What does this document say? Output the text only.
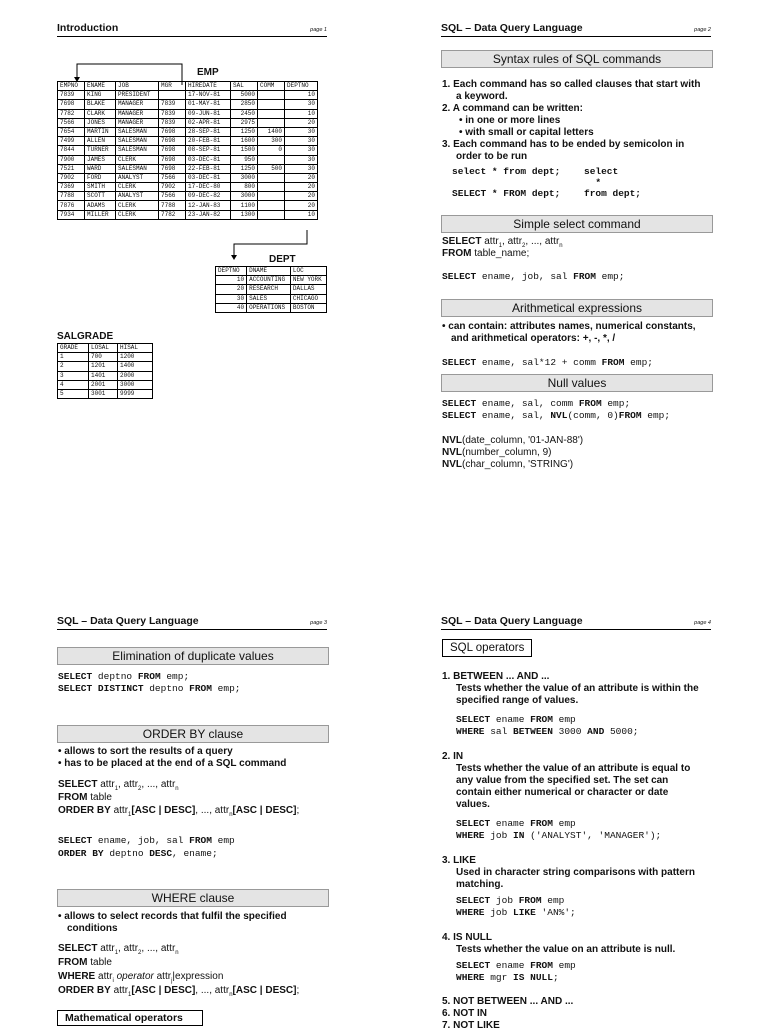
Introduction	page 1
EMP
EMPNO	ENAME	JOB	MGR	HIREDATE	SAL	COMM	DEPTNO
7839	KING	PRESIDENT		17-NOV-81	5000		10
7698	BLAKE	MANAGER	7839	01-MAY-81	2850		30
7782	CLARK	MANAGER	7839	09-JUN-81	2450		10
7566	JONES	MANAGER	7839	02-APR-81	2975		20
7654	MARTIN	SALESMAN	7698	28-SEP-81	1250	1400	30
7499	ALLEN	SALESMAN	7698	20-FEB-81	1600	300	30
7844	TURNER	SALESMAN	7698	08-SEP-81	1500	0	30
7900	JAMES	CLERK	7698	03-DEC-81	950		30
7521	WARD	SALESMAN	7698	22-FEB-81	1250	500	30
7902	FORD	ANALYST	7566	03-DEC-81	3000		20
7369	SMITH	CLERK	7902	17-DEC-80	800		20
7788	SCOTT	ANALYST	7566	09-DEC-82	3000		20
7876	ADAMS	CLERK	7788	12-JAN-83	1100		20
7934	MILLER	CLERK	7782	23-JAN-82	1300		10
DEPT
DEPTNO	DNAME	LOC
10	ACCOUNTING	NEW YORK
20	RESEARCH	DALLAS
30	SALES	CHICAGO
40	OPERATIONS	BOSTON
SALGRADE
GRADE	LOSAL	HISAL
1	700	1200
2	1201	1400
3	1401	2000
4	2001	3000
5	3001	9999
SQL – Data Query Language	page 2
Syntax rules of SQL commands
1. Each command has so called clauses that start with
a keyword.
2. A command can be written:
• in one or more lines
• with small or capital letters
3. Each command has to be ended by semicolon in
order to be run
select * from dept;
SELECT * FROM dept;
select
*
from dept;
Simple select command
SELECT attr$_1$, attr$_2$, ..., attr$_n$
FROM table_name;
SELECT ename, job, sal FROM emp;
Arithmetical expressions
• can contain: attributes names, numerical constants,
and arithmetical operators: +, -, *, /
SELECT ename, sal*12 + comm FROM emp;
Null values
SELECT ename, sal, comm FROM emp;
SELECT ename, sal, NVL(comm, 0)FROM emp;
NVL(date_column, '01-JAN-88')
NVL(number_column, 9)
NVL(char_column, 'STRING')
SQL – Data Query Language	page 3
Elimination of duplicate values
SELECT deptno FROM emp;
SELECT DISTINCT deptno FROM emp;
ORDER BY clause
• allows to sort the results of a query
• has to be placed at the end of a SQL command
SELECT attr$_1$, attr$_2$, ..., attr$_n$
FROM table
ORDER BY attr$_1$[ASC | DESC], ..., attr$_n$[ASC | DESC];
SELECT ename, job, sal FROM emp
ORDER BY deptno DESC, ename;
WHERE clause
• allows to select records that fulfil the specified
conditions
SELECT attr$_1$, attr$_2$, ..., attr$_n$
FROM table
WHERE attr$_i$ operator attr$_j$|expression
ORDER BY attr$_1$[ASC | DESC], ..., attr$_n$[ASC | DESC];
Mathematical operators
SQL – Data Query Language	page 4
SQL operators
1. BETWEEN ... AND ...
Tests whether the value of an attribute is within the
specified range of values.
SELECT ename FROM emp
WHERE sal BETWEEN 3000 AND 5000;
2. IN
Tests whether the value of an attribute is equal to
any value from the specified set. The set can
contain either numerical or character or date
values.
SELECT ename FROM emp
WHERE job IN ('ANALYST', 'MANAGER');
3. LIKE
Used in character string comparisons with pattern
matching.
SELECT job FROM emp
WHERE job LIKE 'AN%';
4. IS NULL
Tests whether the value on an attribute is null.
SELECT ename FROM emp
WHERE mgr IS NULL;
5. NOT BETWEEN ... AND ...
6. NOT IN
7. NOT LIKE
